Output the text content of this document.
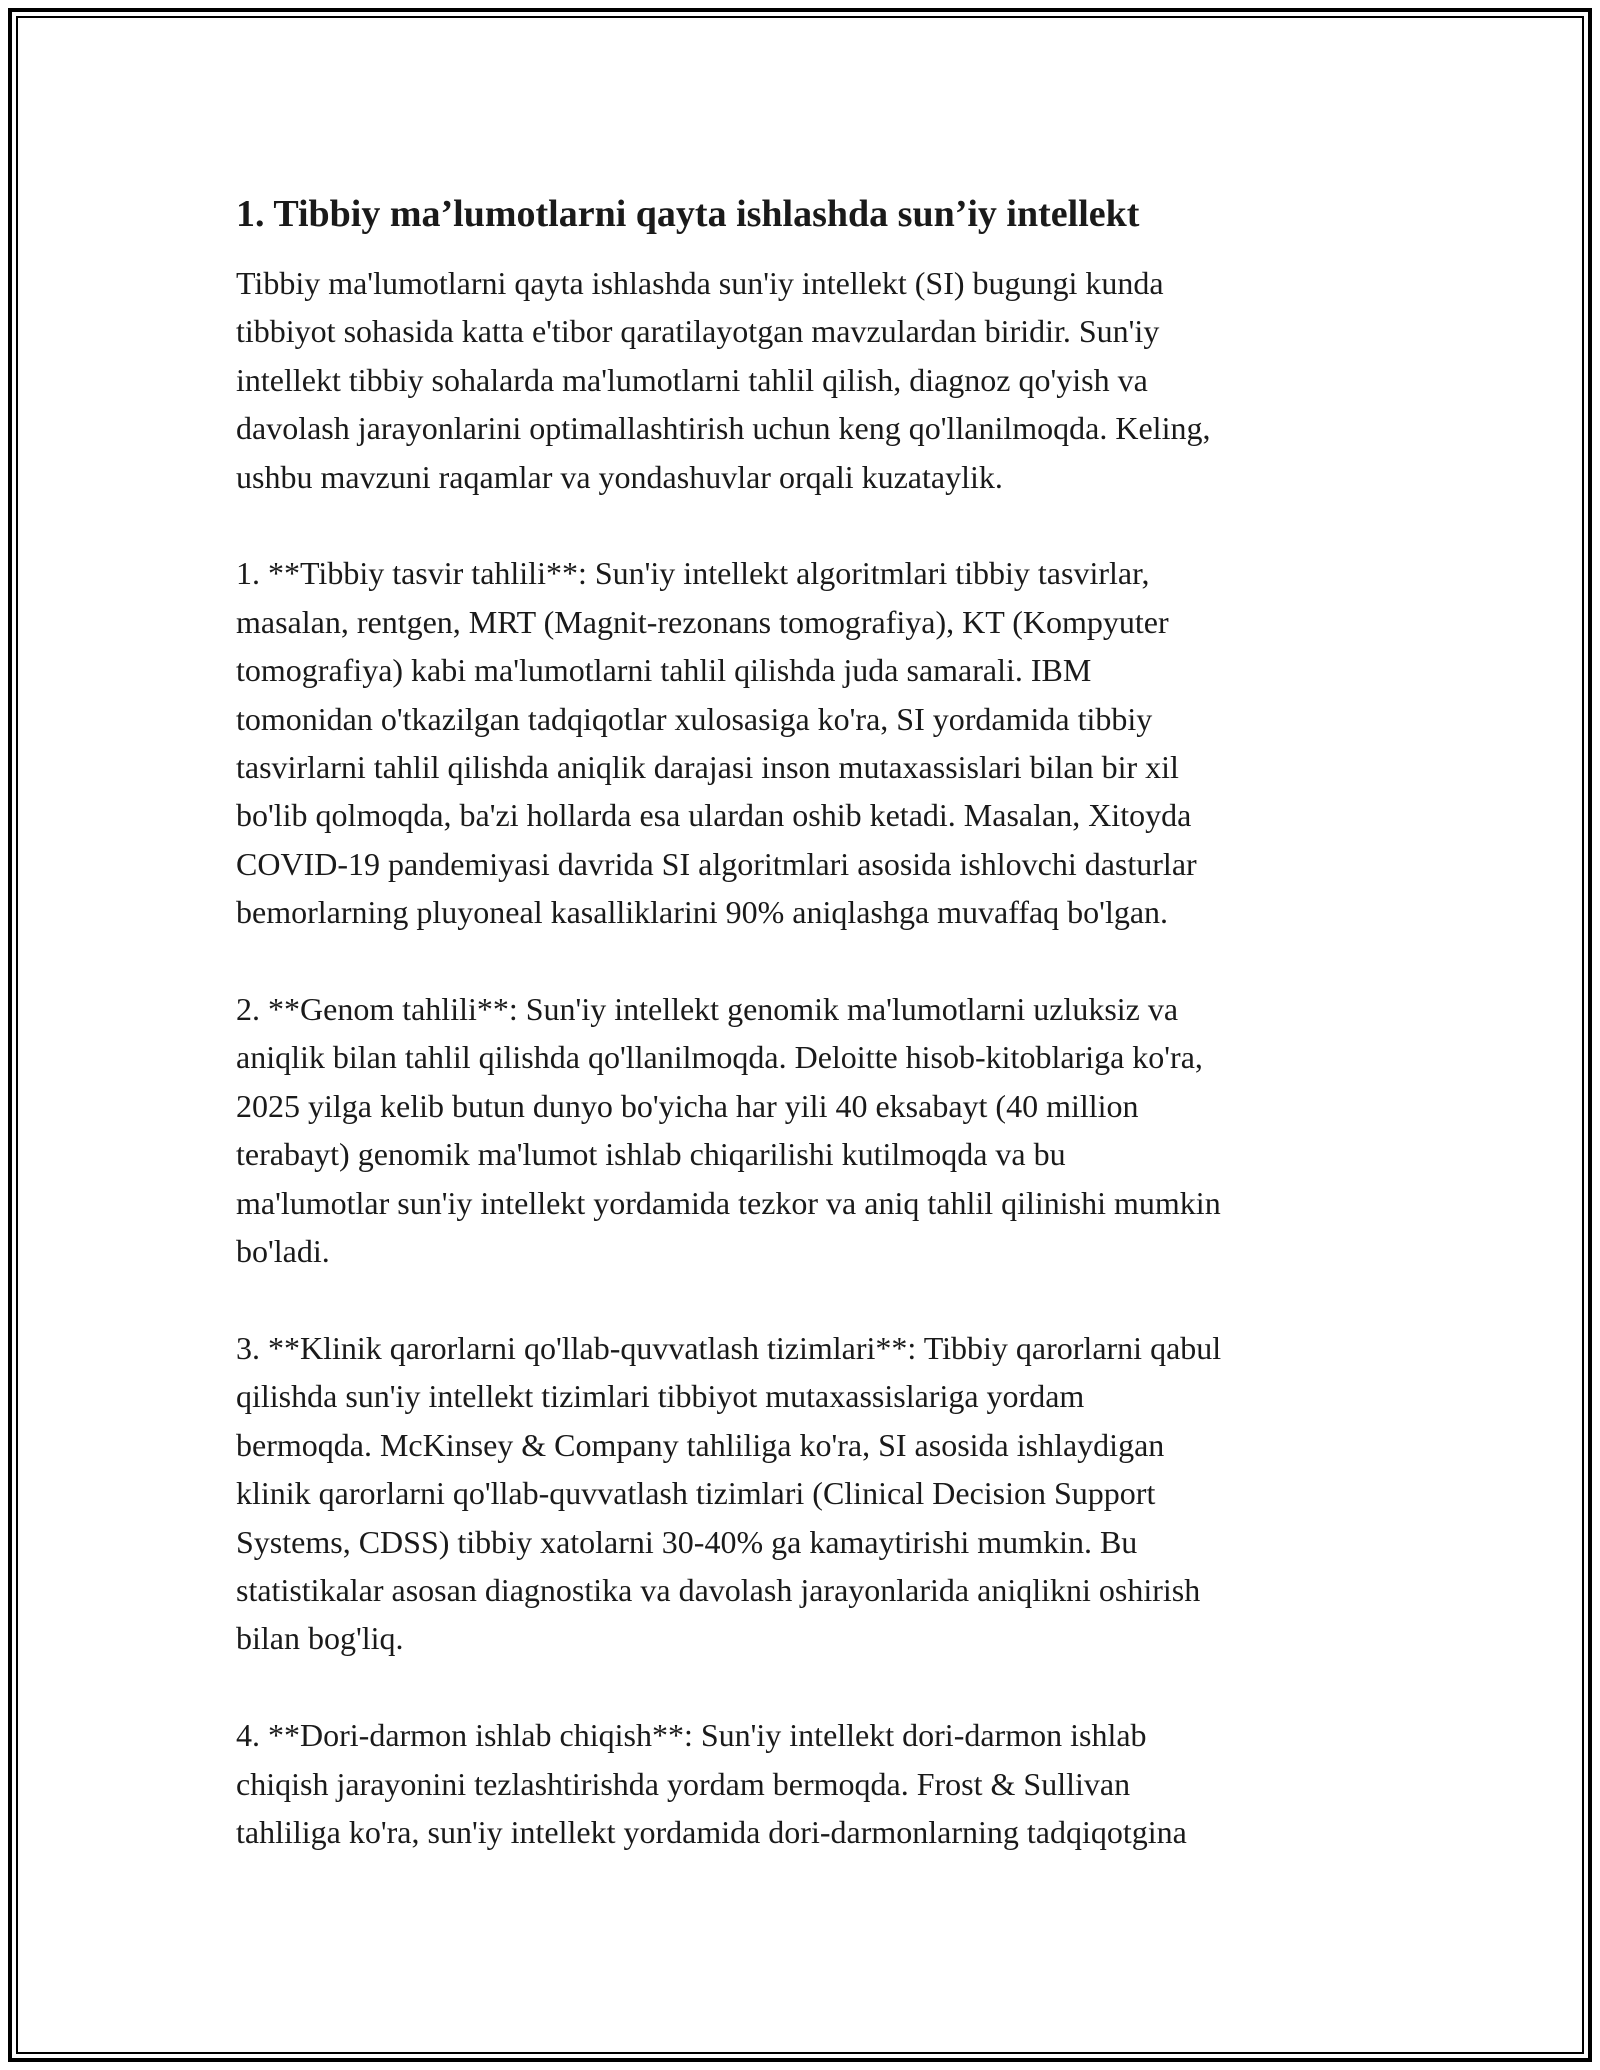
1. Tibbiy ma’lumotlarni qayta ishlashda sun’iy intellekt

Tibbiy ma'lumotlarni qayta ishlashda sun'iy intellekt (SI) bugungi kunda
tibbiyot sohasida katta e'tibor qaratilayotgan mavzulardan biridir. Sun'iy
intellekt tibbiy sohalarda ma'lumotlarni tahlil qilish, diagnoz qo'yish va
davolash jarayonlarini optimallashtirish uchun keng qo'llanilmoqda. Keling,
ushbu mavzuni raqamlar va yondashuvlar orqali kuzataylik.

1. **Tibbiy tasvir tahlili**: Sun'iy intellekt algoritmlari tibbiy tasvirlar,
masalan, rentgen, MRT (Magnit-rezonans tomografiya), KT (Kompyuter
tomografiya) kabi ma'lumotlarni tahlil qilishda juda samarali. IBM
tomonidan o'tkazilgan tadqiqotlar xulosasiga ko'ra, SI yordamida tibbiy
tasvirlarni tahlil qilishda aniqlik darajasi inson mutaxassislari bilan bir xil
bo'lib qolmoqda, ba'zi hollarda esa ulardan oshib ketadi. Masalan, Xitoyda
COVID-19 pandemiyasi davrida SI algoritmlari asosida ishlovchi dasturlar
bemorlarning pluyoneal kasalliklarini 90% aniqlashga muvaffaq bo'lgan.

2. **Genom tahlili**: Sun'iy intellekt genomik ma'lumotlarni uzluksiz va
aniqlik bilan tahlil qilishda qo'llanilmoqda. Deloitte hisob-kitoblariga ko'ra,
2025 yilga kelib butun dunyo bo'yicha har yili 40 eksabayt (40 million
terabayt) genomik ma'lumot ishlab chiqarilishi kutilmoqda va bu
ma'lumotlar sun'iy intellekt yordamida tezkor va aniq tahlil qilinishi mumkin
bo'ladi.

3. **Klinik qarorlarni qo'llab-quvvatlash tizimlari**: Tibbiy qarorlarni qabul
qilishda sun'iy intellekt tizimlari tibbiyot mutaxassislariga yordam
bermoqda. McKinsey & Company tahliliga ko'ra, SI asosida ishlaydigan
klinik qarorlarni qo'llab-quvvatlash tizimlari (Clinical Decision Support
Systems, CDSS) tibbiy xatolarni 30-40% ga kamaytirishi mumkin. Bu
statistikalar asosan diagnostika va davolash jarayonlarida aniqlikni oshirish
bilan bog'liq.

4. **Dori-darmon ishlab chiqish**: Sun'iy intellekt dori-darmon ishlab
chiqish jarayonini tezlashtirishda yordam bermoqda. Frost & Sullivan
tahliliga ko'ra, sun'iy intellekt yordamida dori-darmonlarning tadqiqotgina
